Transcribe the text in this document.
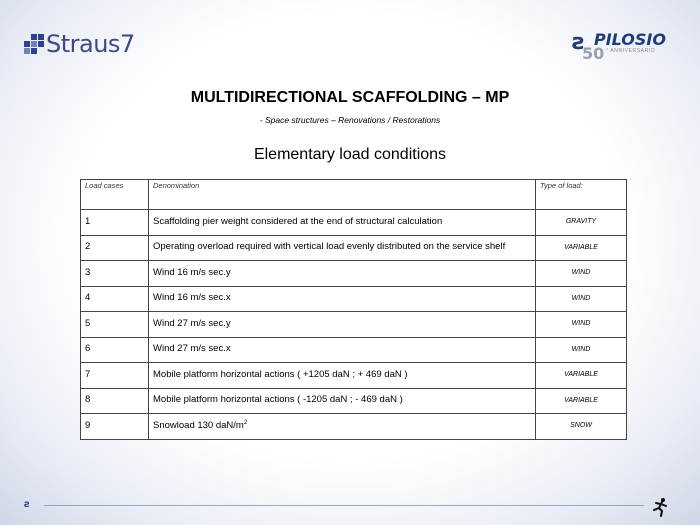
Straus7	ƨ PILOSIO
50 ° ANNIVERSARIO
MULTIDIRECTIONAL SCAFFOLDING – MP
- Space structures – Renovations / Restorations
Elementary load conditions
Load cases	Denomination	Type of load:
1	Scaffolding pier weight considered at the end of structural calculation	GRAVITY
2	Operating overload required with vertical load evenly distributed on the service shelf	VARIABLE
3	Wind 16 m/s sec.y	WIND
4	Wind 16 m/s sec.x	WIND
5	Wind 27 m/s sec.y	WIND
6	Wind 27 m/s sec.x	WIND
7	Mobile platform horizontal actions ( +1205 daN ; + 469 daN )	VARIABLE
8	Mobile platform horizontal actions ( -1205 daN ; - 469 daN )	VARIABLE
9	Snowload 130 daN/$m^2$	SNOW
ƨ
